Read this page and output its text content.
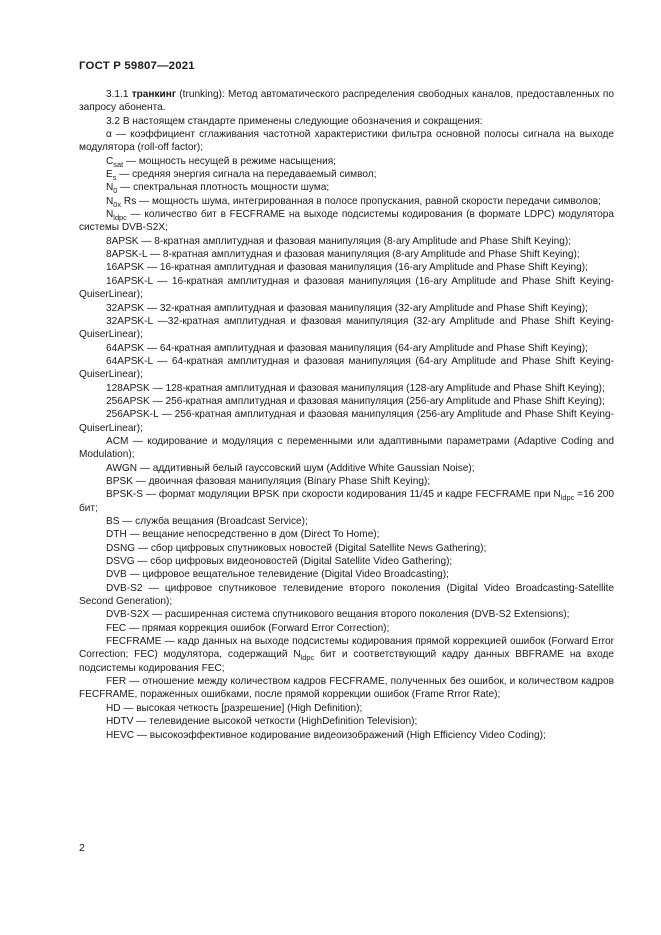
ГОСТ Р 59807—2021

3.1.1 транкинг (trunking): Метод автоматического распределения свободных каналов, предоставленных по запросу абонента.

3.2 В настоящем стандарте применены следующие обозначения и сокращения:

α — коэффициент сглаживания частотной характеристики фильтра основной полосы сигнала на выходе модулятора (roll-off factor);

$C_{sat}$ — мощность несущей в режиме насыщения;

$E_s$ — средняя энергия сигнала на передаваемый символ;

$N_0$ — спектральная плотность мощности шума;

$N_{0x}$ Rs — мощность шума, интегрированная в полосе пропускания, равной скорости передачи символов;

$N_{ldpc}$ — количество бит в FECFRAME на выходе подсистемы кодирования (в формате LDPC) модулятора системы DVB-S2X;

8APSK — 8-кратная амплитудная и фазовая манипуляция (8-ary Amplitude and Phase Shift Keying);

8APSK-L — 8-кратная амплитудная и фазовая манипуляция (8-ary Amplitude and Phase Shift Keying);

16APSK — 16-кратная амплитудная и фазовая манипуляция (16-ary Amplitude and Phase Shift Keying);

16APSK-L — 16-кратная амплитудная и фазовая манипуляция (16-ary Amplitude and Phase Shift Keying-QuiserLinear);

32APSK — 32-кратная амплитудная и фазовая манипуляция (32-ary Amplitude and Phase Shift Keying);

32APSK-L —32-кратная амплитудная и фазовая манипуляция (32-ary Amplitude and Phase Shift Keying-QuiserLinear);

64APSK — 64-кратная амплитудная и фазовая манипуляция (64-ary Amplitude and Phase Shift Keying);

64APSK-L — 64-кратная амплитудная и фазовая манипуляция (64-ary Amplitude and Phase Shift Keying-QuiserLinear);

128APSK — 128-кратная амплитудная и фазовая манипуляция (128-ary Amplitude and Phase Shift Keying);

256APSK — 256-кратная амплитудная и фазовая манипуляция (256-ary Amplitude and Phase Shift Keying);

256APSK-L — 256-кратная амплитудная и фазовая манипуляция (256-ary Amplitude and Phase Shift Keying-QuiserLinear);

ACM — кодирование и модуляция с переменными или адаптивными параметрами (Adaptive Coding and Modulation);

AWGN — аддитивный белый гауссовский шум (Additive White Gaussian Noise);

BPSK — двоичная фазовая манипуляция (Binary Phase Shift Keying);

BPSK-S — формат модуляции BPSK при скорости кодирования 11/45 и кадре FECFRAME при $N_{ldpc} =16$ 200 бит;

BS — служба вещания (Broadcast Service);

DTH — вещание непосредственно в дом (Direct To Home);

DSNG — сбор цифровых спутниковых новостей (Digital Satellite News Gathering);

DSVG — сбор цифровых видеоновостей (Digital Satellite Video Gathering);

DVB — цифровое вещательное телевидение (Digital Video Broadcasting);

DVB-S2 — цифровое спутниковое телевидение второго поколения (Digital Video Broadcasting-Satellite Second Generation);

DVB-S2X — расширенная система спутникового вещания второго поколения (DVB-S2 Extensions);

FEC — прямая коррекция ошибок (Forward Error Correction);

FECFRAME — кадр данных на выходе подсистемы кодирования прямой коррекцией ошибок (Forward Error Correction; FEC) модулятора, содержащий $N_{ldpc}$ бит и соответствующий кадру данных BBFRAME на входе подсистемы кодирования FEC;

FER — отношение между количеством кадров FECFRAME, полученных без ошибок, и количеством кадров FECFRAME, пораженных ошибками, после прямой коррекции ошибок (Frame Rrror Rate);

HD — высокая четкость [разрешение] (High Definition);

HDTV — телевидение высокой четкости (HighDefinition Television);

HEVC — высокоэффективное кодирование видеоизображений (High Efficiency Video Coding);

2
